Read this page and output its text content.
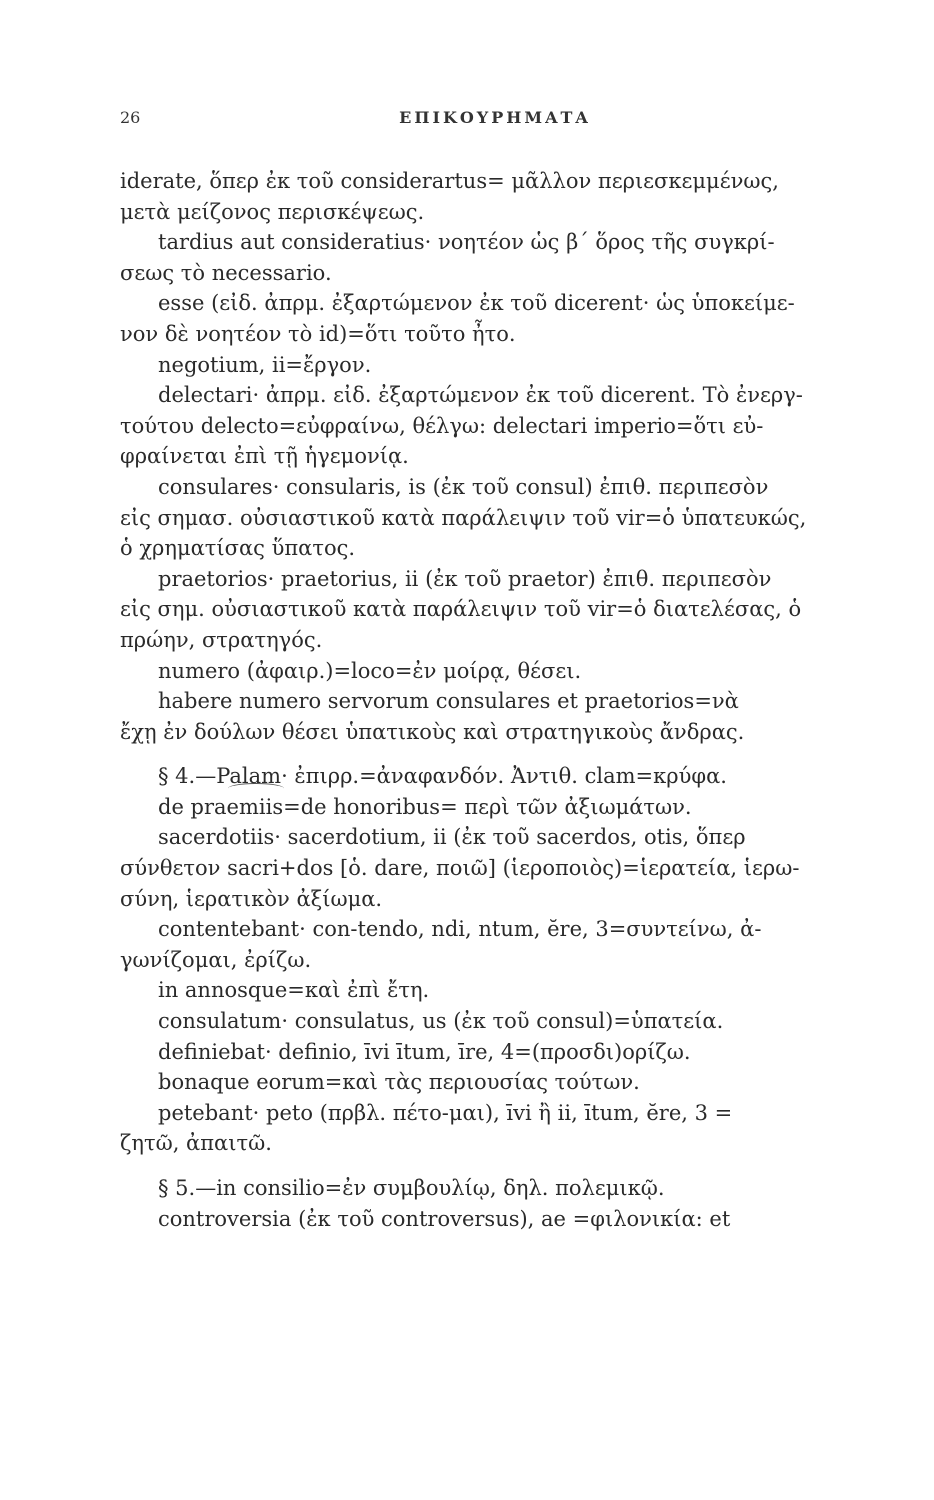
26	ΕΠΙΚΟΥΡΗΜΑΤΑ
iderate, ὅπερ ἐκ τοῦ considerartus= μᾶλλον περιεσκεμμένως,
μετὰ μείζονος περισκέψεως.
tardius aut consideratius· νοητέον ὡς β΄ ὅρος τῆς συγκρί-
σεως τὸ necessario.
esse (εἰδ. ἀπρμ. ἐξαρτώμενον ἐκ τοῦ dicerent· ὡς ὑποκείμε-
νον δὲ νοητέον τὸ id)=ὅτι τοῦτο ἦτο.
negotium, ii=ἔργον.
delectari· ἀπρμ. εἰδ. ἐξαρτώμενον ἐκ τοῦ dicerent. Τὸ ἐνεργ-
τούτου delecto=εὐφραίνω, θέλγω: delectari imperio=ὅτι εὐ-
φραίνεται ἐπὶ τῇ ἡγεμονίᾳ.
consulares· consularis, is (ἐκ τοῦ consul) ἐπιθ. περιπεσὸν
εἰς σημασ. οὐσιαστικοῦ κατὰ παράλειψιν τοῦ vir=ὁ ὑπατευκώς,
ὁ χρηματίσας ὕπατος.
praetorios· praetorius, ii (ἐκ τοῦ praetor) ἐπιθ. περιπεσὸν
εἰς σημ. οὐσιαστικοῦ κατὰ παράλειψιν τοῦ vir=ὁ διατελέσας, ὁ
πρώην, στρατηγός.
numero (ἀφαιρ.)=loco=ἐν μοίρᾳ, θέσει.
habere numero servorum consulares et praetorios=νὰ
ἔχῃ ἐν δούλων θέσει ὑπατικοὺς καὶ στρατηγικοὺς ἄνδρας.
§ 4.—Palam· ἐπιρρ.=ἀναφανδόν. Ἀντιθ. clam=κρύφα.
de praemiis=de honoribus= περὶ τῶν ἀξιωμάτων.
sacerdotiis· sacerdotium, ii (ἐκ τοῦ sacerdos, otis, ὅπερ
σύνθετον sacri+dos [ὁ. dare, ποιῶ] (ἱεροποιὸς)=ἱερατεία, ἱερω-
σύνη, ἱερατικὸν ἀξίωμα.
contentebant· con-tendo, ndi, ntum, ĕre, 3=συντείνω, ἀ-
γωνίζομαι, ἐρίζω.
in annosque=καὶ ἐπὶ ἔτη.
consulatum· consulatus, us (ἐκ τοῦ consul)=ὑπατεία.
definiebat· definio, īvi ītum, īre, 4=(προσδι)ορίζω.
bonaque eorum=καὶ τὰς περιουσίας τούτων.
petebant· peto (πρβλ. πέτο-μαι), īvi ἢ ii, ītum, ĕre, 3 =
ζητῶ, ἀπαιτῶ.
§ 5.—in consilio=ἐν συμβουλίῳ, δηλ. πολεμικῷ.
controversia (ἐκ τοῦ controversus), ae =φιλονικία: et
